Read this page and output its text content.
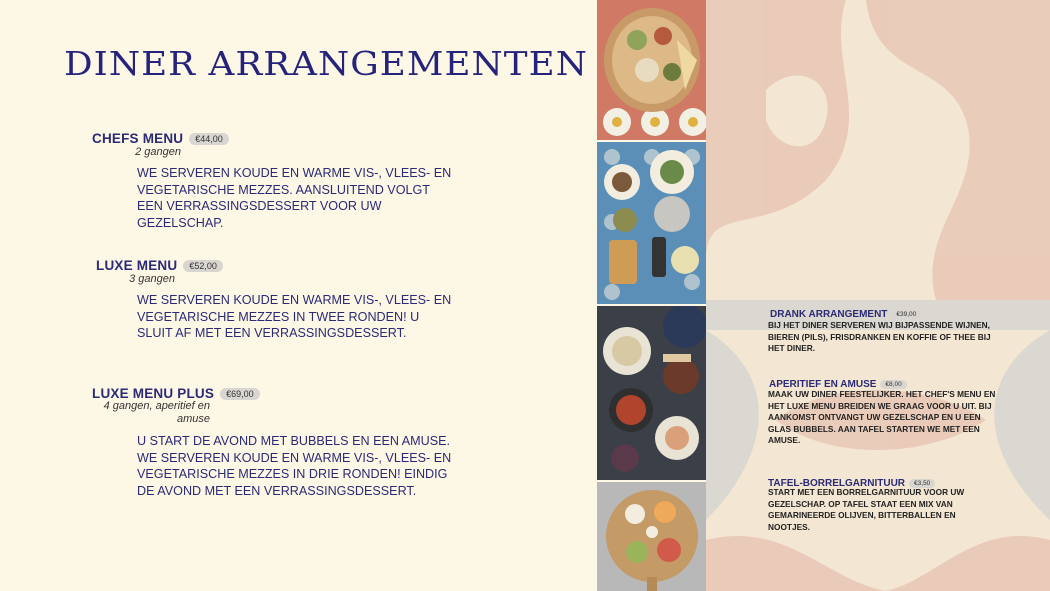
DINER ARRANGEMENTEN
CHEFS MENU €44,00
2 gangen
WE SERVEREN KOUDE EN WARME VIS-, VLEES- EN VEGETARISCHE MEZZES. AANSLUITEND VOLGT EEN VERRASSINGSDESSERT VOOR UW GEZELSCHAP.
LUXE MENU €52,00
3 gangen
WE SERVEREN KOUDE EN WARME VIS-, VLEES- EN VEGETARISCHE MEZZES IN TWEE RONDEN! U SLUIT AF MET EEN VERRASSINGSDESSERT.
LUXE MENU PLUS €69,00
4 gangen, aperitief en amuse
U START DE AVOND MET BUBBELS EN EEN AMUSE. WE SERVEREN KOUDE EN WARME VIS-, VLEES- EN VEGETARISCHE MEZZES IN DRIE RONDEN! EINDIG DE AVOND MET EEN VERRASSINGSDESSERT.
DRANK ARRANGEMENT €39,00
BIJ HET DINER SERVEREN WIJ BIJPASSENDE WIJNEN, BIEREN (PILS), FRISDRANKEN EN KOFFIE OF THEE BIJ HET DINER.
APERITIEF EN AMUSE €8,00
MAAK UW DINER FEESTELIJKER. HET CHEF'S MENU EN HET LUXE MENU BREIDEN WE GRAAG VOOR U UIT. BIJ AANKOMST ONTVANGT UW GEZELSCHAP EN U EEN GLAS BUBBELS. AAN TAFEL STARTEN WE MET EEN AMUSE.
TAFEL-BORRELGARNITUUR €3,50
START MET EEN BORRELGARNITUUR VOOR UW GEZELSCHAP. OP TAFEL STAAT EEN MIX VAN GEMARINEERDE OLIJVEN, BITTERBALLEN EN NOOTJES.
